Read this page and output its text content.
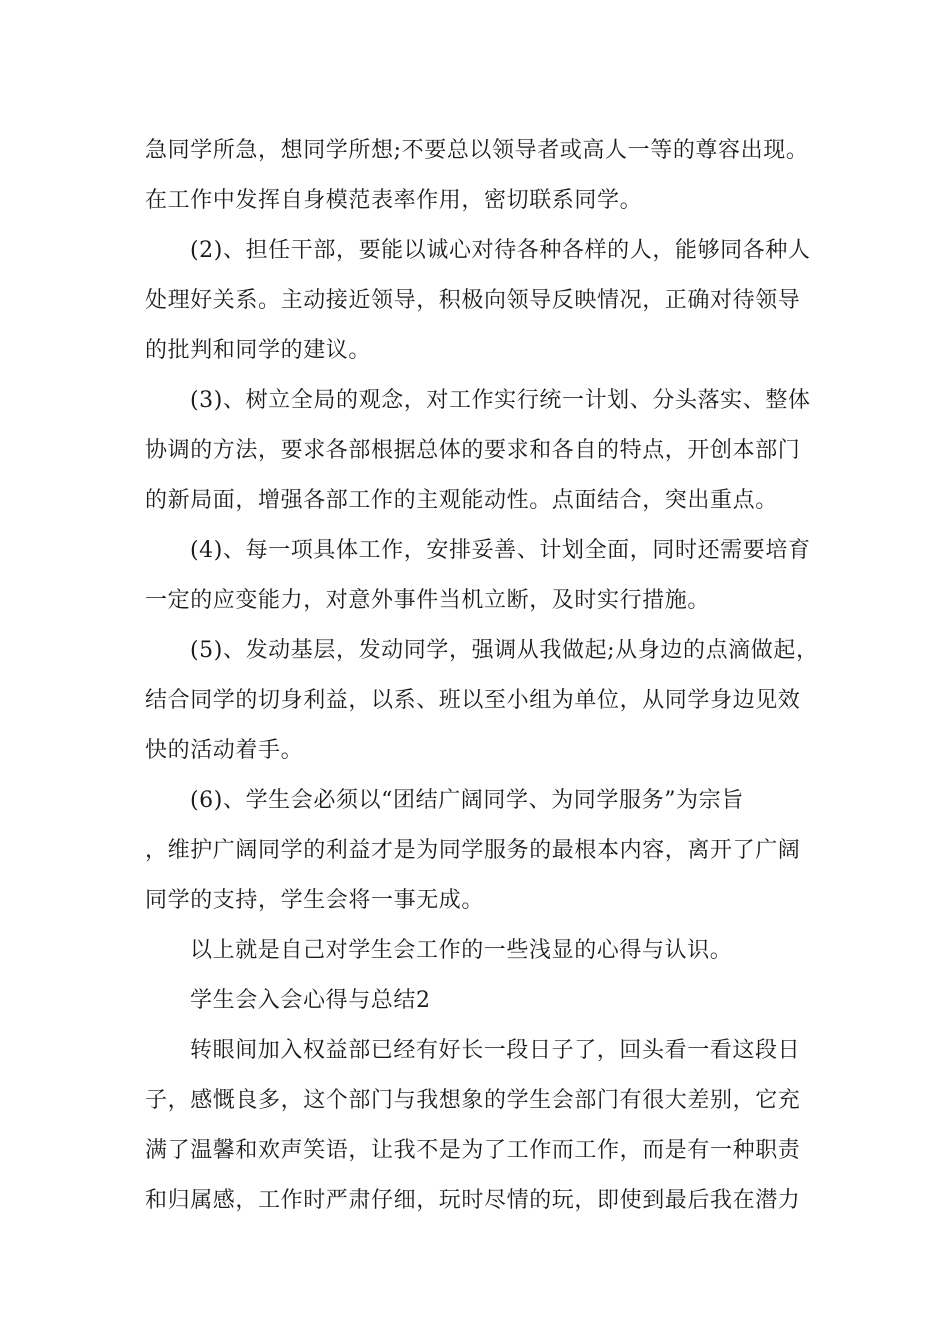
急同学所急，想同学所想;不要总以领导者或高人一等的尊容出现。
在工作中发挥自身模范表率作用，密切联系同学。
(2)、担任干部，要能以诚心对待各种各样的人，能够同各种人
处理好关系。主动接近领导，积极向领导反映情况，正确对待领导
的批判和同学的建议。
(3)、树立全局的观念，对工作实行统一计划、分头落实、整体
协调的方法，要求各部根据总体的要求和各自的特点，开创本部门
的新局面，增强各部工作的主观能动性。点面结合，突出重点。
(4)、每一项具体工作，安排妥善、计划全面，同时还需要培育
一定的应变能力，对意外事件当机立断，及时实行措施。
(5)、发动基层，发动同学，强调从我做起;从身边的点滴做起，
结合同学的切身利益，以系、班以至小组为单位，从同学身边见效
快的活动着手。
(6)、学生会必须以“团结广阔同学、为同学服务”为宗旨
，维护广阔同学的利益才是为同学服务的最根本内容，离开了广阔
同学的支持，学生会将一事无成。
以上就是自己对学生会工作的一些浅显的心得与认识。
学生会入会心得与总结2
转眼间加入权益部已经有好长一段日子了，回头看一看这段日
子，感慨良多，这个部门与我想象的学生会部门有很大差别，它充
满了温馨和欢声笑语，让我不是为了工作而工作，而是有一种职责
和归属感，工作时严肃仔细，玩时尽情的玩，即使到最后我在潜力
